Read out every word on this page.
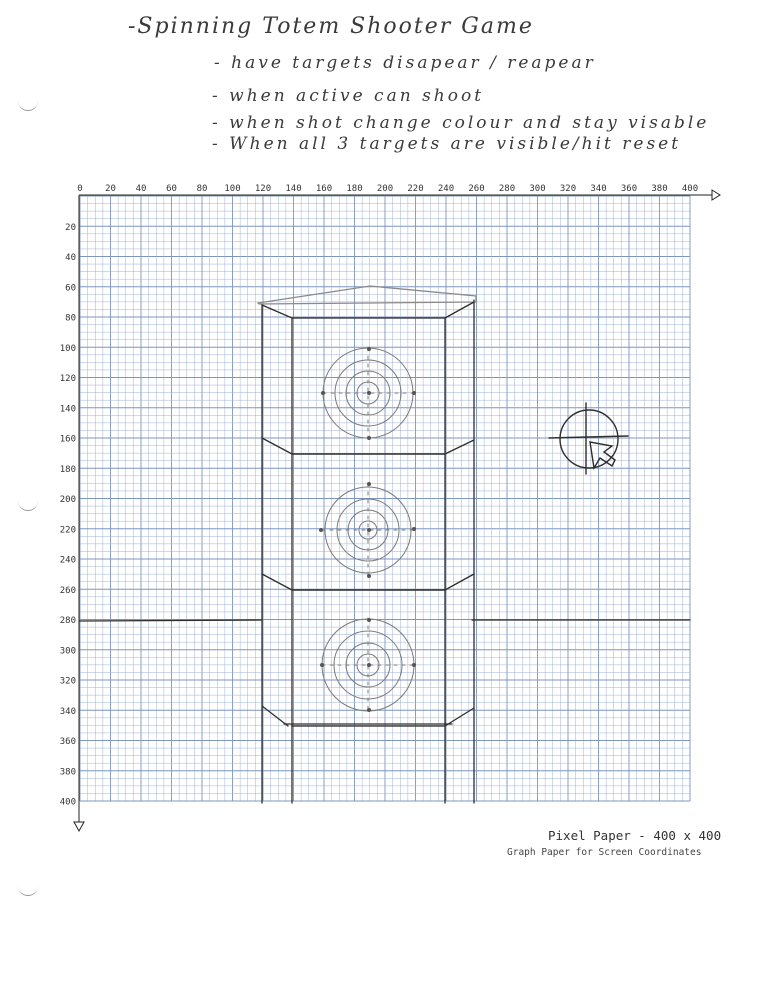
-Spinning Totem Shooter Game
- have targets disapear / reapear
- when active can shoot
- when shot change colour and stay visable
- When all 3 targets are visible/hit reset
0 20 40 60 80 100 120 140 160 180 200 220 240 260 280 300 320 340 360 380 400
20
40
60
80
100
120
140
160
180
200
220
240
260
280
300
320
340
360
380
400
Pixel Paper - 400 x 400
Graph Paper for Screen Coordinates
